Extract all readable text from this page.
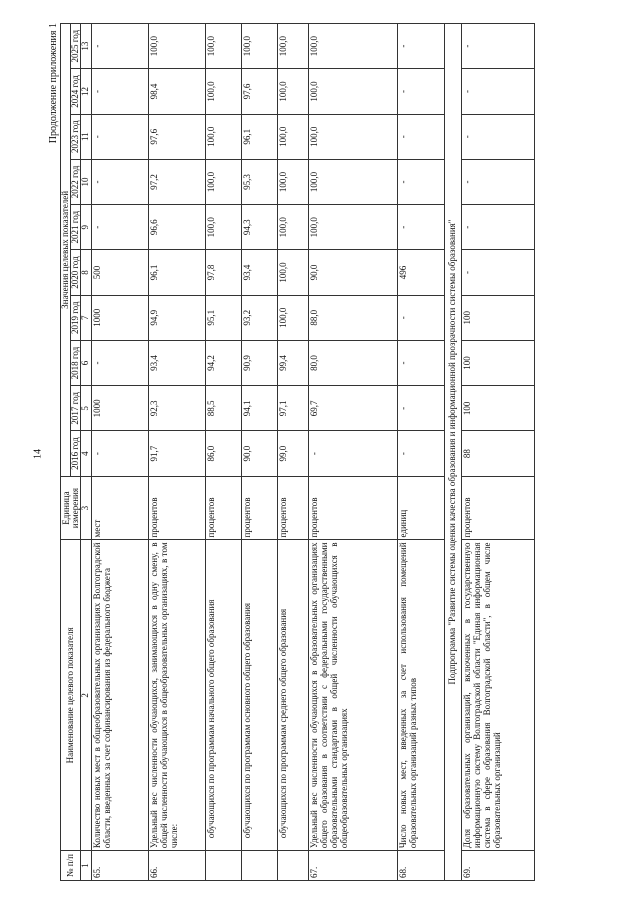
14
Продолжение приложения 1
№ п/п	Наименование целевого показателя	Единица измерения	Значения целевых показателей									
			2016 год	2017 год	2018 год	2019 год	2020 год	2021 год	2022 год	2023 год	2024 год	2025 год
1	2	3	4	5	6	7	8	9	10	11	12	13
65.	Количество новых мест в общеобразовательных организациях Волгоградской области, введенных за счет софинансирования из федерального бюджета	мест	-	1000	-	1000	500	-	-	-	-	-
66.	Удельный вес численности обучающихся, занимающихся в одну смену, в общей численности обучающихся в общеобразовательных организациях, в том числе:	процентов	91,7	92,3	93,4	94,9	96,1	96,6	97,2	97,6	98,4	100,0
	обучающихся по программам начального общего образования	процентов	86,0	88,5	94,2	95,1	97,8	100,0	100,0	100,0	100,0	100,0
	обучающихся по программам основного общего образования	процентов	90,0	94,1	90,9	93,2	93,4	94,3	95,3	96,1	97,6	100,0
	обучающихся по программам среднего общего образования	процентов	99,0	97,1	99,4	100,0	100,0	100,0	100,0	100,0	100,0	100,0
67.	Удельный вес численности обучающихся в образовательных организациях общего образования в соответствии с федеральными государственными образовательными стандартами в общей численности обучающихся в общеобразовательных организациях	процентов	-	69,7	80,0	88,0	90,0	100,0	100,0	100,0	100,0	100,0
68.	Число новых мест, введенных за счет использования помещений образовательных организаций разных типов	единиц	-	-	-	-	496	-	-	-	-	-
Подпрограмма "Развитие системы оценки качества образования и информационной прозрачности системы образования"												
69.	Доля образовательных организаций, включенных в государственную информационную систему Волгоградской области "Единая информационная система в сфере образования Волгоградской области", в общем числе образовательных организаций	процентов	88	100	100	100	-	-	-	-	-	-
